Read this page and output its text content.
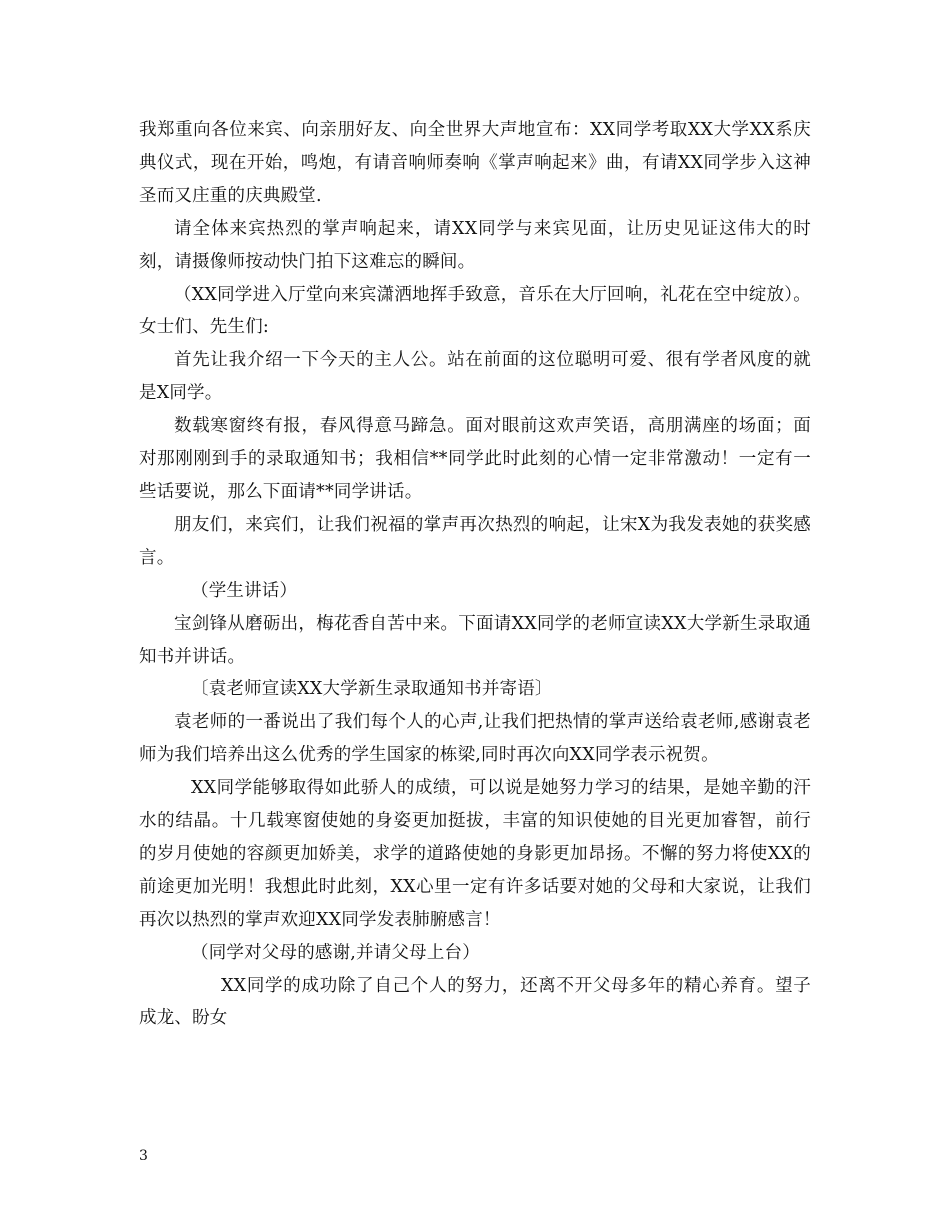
我郑重向各位来宾、向亲朋好友、向全世界大声地宣布：XX同学考取XX大学XX系庆典仪式，现在开始，鸣炮，有请音响师奏响《掌声响起来》曲，有请XX同学步入这神圣而又庄重的庆典殿堂.

请全体来宾热烈的掌声响起来，请XX同学与来宾见面，让历史见证这伟大的时刻，请摄像师按动快门拍下这难忘的瞬间。

（XX同学进入厅堂向来宾潇洒地挥手致意，音乐在大厅回响，礼花在空中绽放）。 女士们、先生们:

首先让我介绍一下今天的主人公。站在前面的这位聪明可爱、很有学者风度的就是X同学。

数载寒窗终有报，春风得意马蹄急。面对眼前这欢声笑语，高朋满座的场面；面对那刚刚到手的录取通知书；我相信**同学此时此刻的心情一定非常激动！一定有一些话要说，那么下面请**同学讲话。

朋友们，来宾们，让我们祝福的掌声再次热烈的响起，让宋X为我发表她的获奖感言。

（学生讲话）

宝剑锋从磨砺出，梅花香自苦中来。下面请XX同学的老师宣读XX大学新生录取通知书并讲话。

〔袁老师宣读XX大学新生录取通知书并寄语〕

袁老师的一番说出了我们每个人的心声,让我们把热情的掌声送给袁老师,感谢袁老师为我们培养出这么优秀的学生国家的栋梁,同时再次向XX同学表示祝贺。

XX同学能够取得如此骄人的成绩，可以说是她努力学习的结果，是她辛勤的汗水的结晶。十几载寒窗使她的身姿更加挺拔，丰富的知识使她的目光更加睿智，前行的岁月使她的容颜更加娇美，求学的道路使她的身影更加昂扬。不懈的努力将使XX的前途更加光明！我想此时此刻，XX心里一定有许多话要对她的父母和大家说，让我们再次以热烈的掌声欢迎XX同学发表肺腑感言！

（同学对父母的感谢,并请父母上台）

XX同学的成功除了自己个人的努力，还离不开父母多年的精心养育。望子成龙、盼女

3
